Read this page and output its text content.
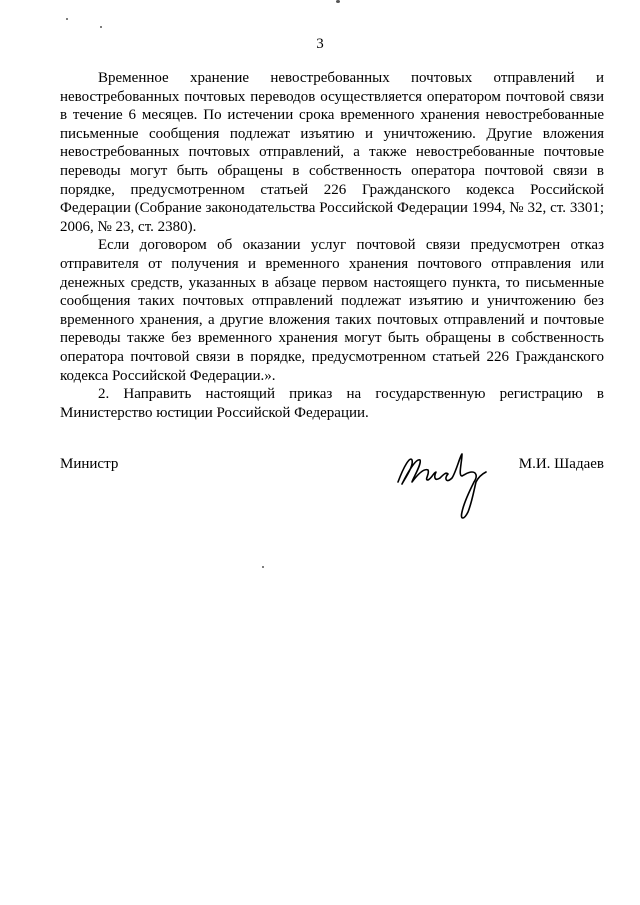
3

Временное хранение невостребованных почтовых отправлений и невостребованных почтовых переводов осуществляется оператором почтовой связи в течение 6 месяцев. По истечении срока временного хранения невостребованные письменные сообщения подлежат изъятию и уничтожению. Другие вложения невостребованных почтовых отправлений, а также невостребованные почтовые переводы могут быть обращены в собственность оператора почтовой связи в порядке, предусмотренном статьей 226 Гражданского кодекса Российской Федерации (Собрание законодательства Российской Федерации 1994, № 32, ст. 3301; 2006, № 23, ст. 2380).

Если договором об оказании услуг почтовой связи предусмотрен отказ отправителя от получения и временного хранения почтового отправления или денежных средств, указанных в абзаце первом настоящего пункта, то письменные сообщения таких почтовых отправлений подлежат изъятию и уничтожению без временного хранения, а другие вложения таких почтовых отправлений и почтовые переводы также без временного хранения могут быть обращены в собственность оператора почтовой связи в порядке, предусмотренном статьей 226 Гражданского кодекса Российской Федерации.».

2. Направить настоящий приказ на государственную регистрацию в Министерство юстиции Российской Федерации.

Министр	М.И. Шадаев
